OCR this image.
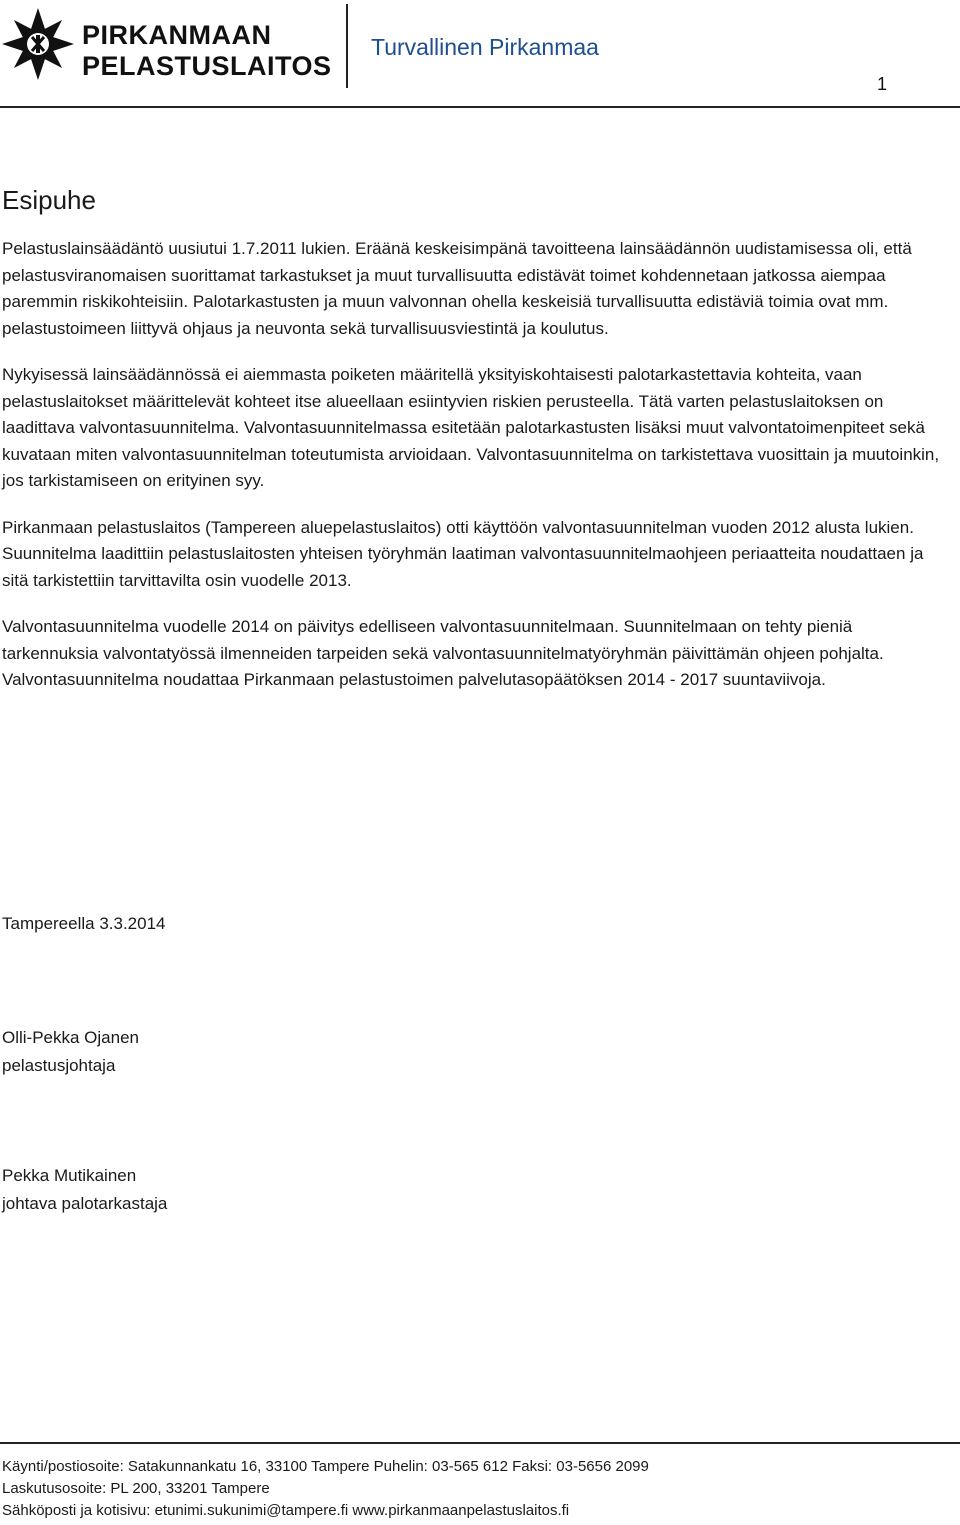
PIRKANMAAN
PELASTUSLAITOS
Turvallinen Pirkanmaa
1
Esipuhe

Pelastuslainsäädäntö uusiutui 1.7.2011 lukien. Eräänä keskeisimpänä tavoitteena lainsäädännön uudistamisessa oli, että pelastusviranomaisen suorittamat tarkastukset ja muut turvallisuutta edistävät toimet kohdennetaan jatkossa aiempaa paremmin riskikohteisiin. Palotarkastusten ja muun valvonnan ohella keskeisiä turvallisuutta edistäviä toimia ovat mm. pelastustoimeen liittyvä ohjaus ja neuvonta sekä turvallisuusviestintä ja koulutus.

Nykyisessä lainsäädännössä ei aiemmasta poiketen määritellä yksityiskohtaisesti palotarkastettavia kohteita, vaan pelastuslaitokset määrittelevät kohteet itse alueellaan esiintyvien riskien perusteella. Tätä varten pelastuslaitoksen on laadittava valvontasuunnitelma. Valvontasuunnitelmassa esitetään palotarkastusten lisäksi muut valvontatoimenpiteet sekä kuvataan miten valvontasuunnitelman toteutumista arvioidaan. Valvontasuunnitelma on tarkistettava vuosittain ja muutoinkin, jos tarkistamiseen on erityinen syy.

Pirkanmaan pelastuslaitos (Tampereen aluepelastuslaitos) otti käyttöön valvontasuunnitelman vuoden 2012 alusta lukien. Suunnitelma laadittiin pelastuslaitosten yhteisen työryhmän laatiman valvontasuunnitelmaohjeen periaatteita noudattaen ja sitä tarkistettiin tarvittavilta osin vuodelle 2013.

Valvontasuunnitelma vuodelle 2014 on päivitys edelliseen valvontasuunnitelmaan. Suunnitelmaan on tehty pieniä tarkennuksia valvontatyössä ilmenneiden tarpeiden sekä valvontasuunnitelmatyöryhmän päivittämän ohjeen pohjalta. Valvontasuunnitelma noudattaa Pirkanmaan pelastustoimen palvelutasopäätöksen 2014 - 2017 suuntaviivoja.

Tampereella 3.3.2014
Olli-Pekka Ojanen
pelastusjohtaja
Pekka Mutikainen
johtava palotarkastaja
Käynti/postiosoite: Satakunnankatu 16, 33100 Tampere Puhelin: 03-565 612 Faksi: 03-5656 2099
Laskutusosoite: PL 200, 33201 Tampere
Sähköposti ja kotisivu: etunimi.sukunimi@tampere.fi www.pirkanmaanpelastuslaitos.fi
